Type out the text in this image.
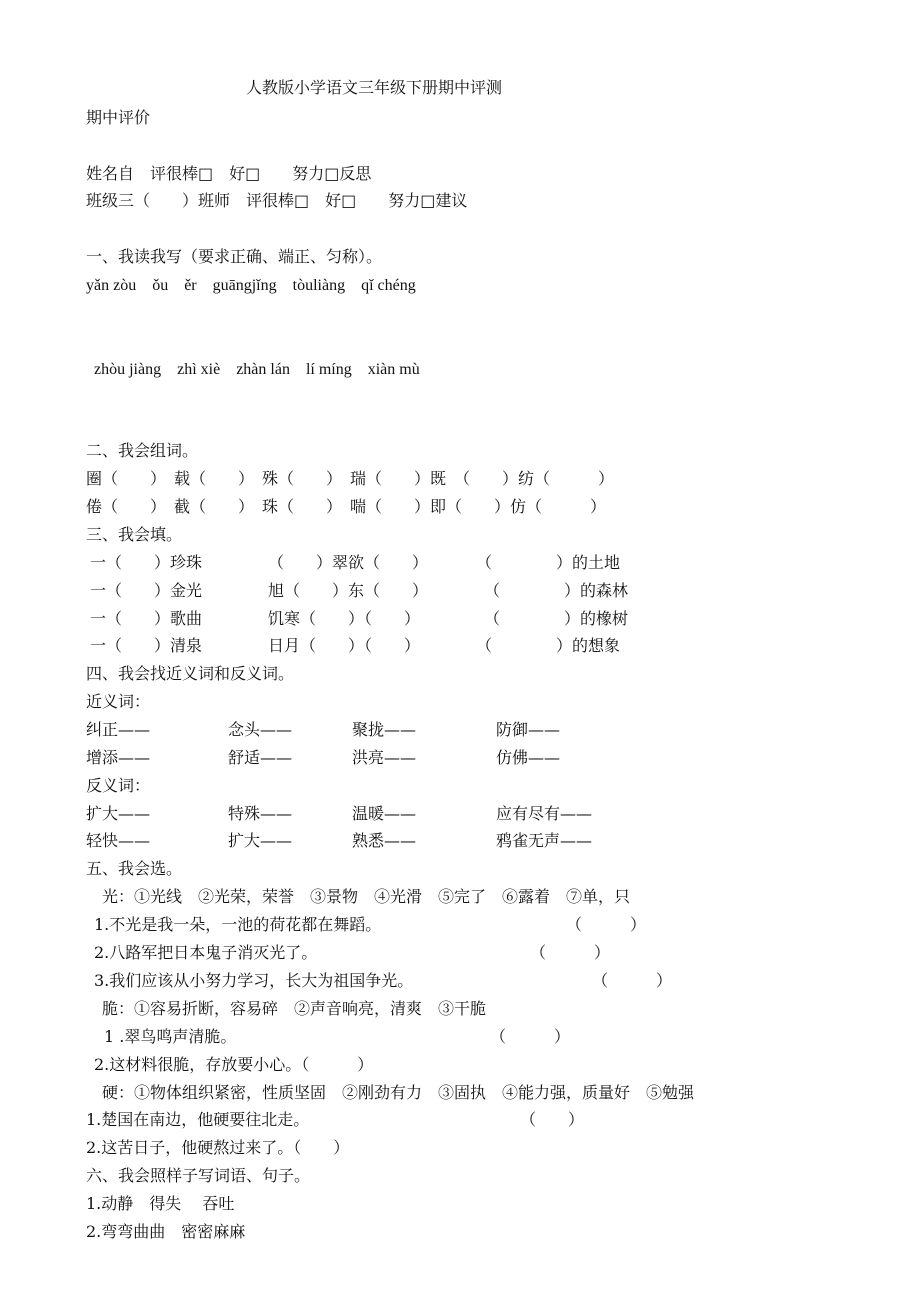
人教版小学语文三年级下册期中评测
期中评价
姓名自　评很棒□　好□　　努力□反思
班级三（　　）班师　评很棒□　好□　　努力□建议
一、我读我写（要求正确、端正、匀称）。
yǎn zòu　ǒu　ěr　guāngjǐng　tòuliàng　qǐ chéng
zhòu jiàng　zhì xiè　zhàn lán　lí míng　xiàn mù
二、我会组词。
圈（　　）　载（　　）　殊（　　）　瑞（　　）既　（　　）纺（　　　）
倦（　　）　截（　　）　珠（　　）　喘（　　）即（　　）仿（　　　）
三、我会填。
一（　　）珍珠	（　　）翠欲（　　）	（　　　　）的土地
一（　　）金光	旭（　　）东（　　）	（　　　　）的森林
一（　　）歌曲	饥寒（　　）（　　）	（　　　　）的橡树
一（　　）清泉	日月（　　）（　　）	（　　　　）的想象
四、我会找近义词和反义词。
近义词：
纠正——	念头——	聚拢——	防御——
增添——	舒适——	洪亮——	仿佛——
反义词：
扩大——	特殊——	温暖——	应有尽有——
轻快——	扩大——	熟悉——	鸦雀无声——
五、我会选。
光：①光线　②光荣，荣誉　③景物　④光滑　⑤完了　⑥露着　⑦单，只
1.不光是我一朵，一池的荷花都在舞蹈。	（　　　）
2.八路军把日本鬼子消灭光了。	（　　　）
3.我们应该从小努力学习，长大为祖国争光。	（　　　）
脆：①容易折断，容易碎　②声音响亮，清爽　③干脆
1 .翠鸟鸣声清脆。	（　　　）
2.这材料很脆，存放要小心。（　　　）
硬：①物体组织紧密，性质坚固　②刚劲有力　③固执　④能力强，质量好　⑤勉强
1.楚国在南边，他硬要往北走。	（　　）
2.这苦日子，他硬熬过来了。（　　）
六、我会照样子写词语、句子。
1.动静　得失　 吞吐
2.弯弯曲曲　密密麻麻
